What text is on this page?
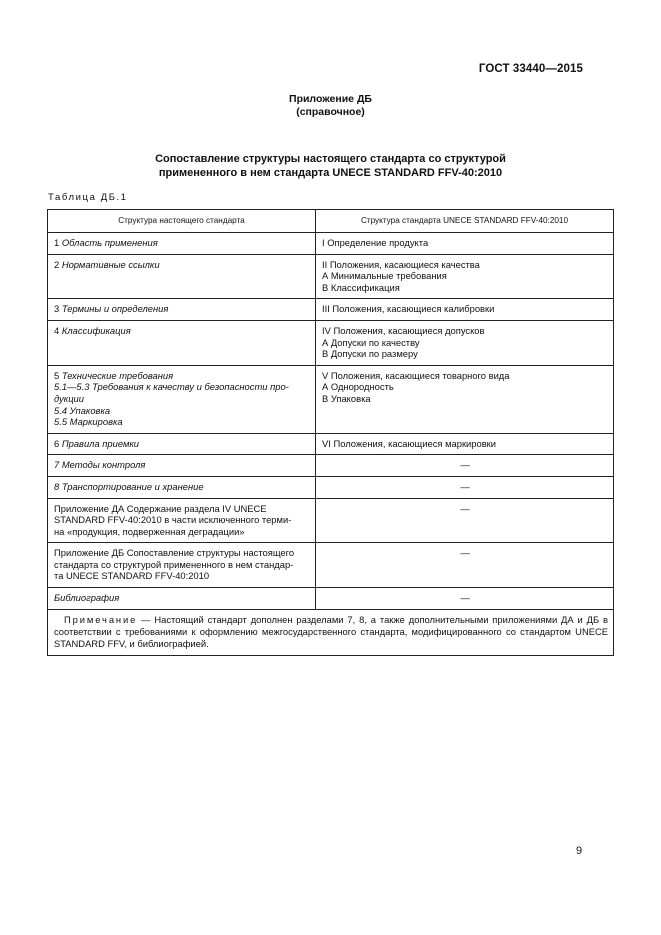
ГОСТ 33440—2015
Приложение ДБ
(справочное)
Сопоставление структуры настоящего стандарта со структурой
примененного в нем стандарта UNECE STANDARD FFV-40:2010
Таблица ДБ.1
Структура настоящего стандарта	Структура стандарта UNECE STANDARD FFV-40:2010
1 Область применения	I Определение продукта

2 Нормативные ссылки	II Положения, касающиеся качества
А Минимальные требования
В Классификация

3 Термины и определения	III Положения, касающиеся калибровки

4 Классификация	IV Положения, касающиеся допусков
А Допуски по качеству
В Допуски по размеру

5 Технические требования
5.1—5.3 Требования к качеству и безопасности про-
дукции
5.4 Упаковка
5.5 Маркировка	V Положения, касающиеся товарного вида
А Однородность
В Упаковка

6 Правила приемки	VI Положения, касающиеся маркировки

7 Методы контроля	—
8 Транспортирование и хранение	—

Приложение ДА Содержание раздела IV UNECE
STANDARD FFV-40:2010 в части исключенного терми-
на «продукция, подверженная деградации»	—

Приложение ДБ Сопоставление структуры настоящего
стандарта со структурой примененного в нем стандар-
та UNECE STANDARD FFV-40:2010	—
Библиография	—
Примечание — Настоящий стандарт дополнен разделами 7, 8, а также дополнительными приложениями ДА и ДБ в соответствии с требованиями к оформлению межгосударственного стандарта, модифицированного со стандартом UNECE STANDARD FFV, и библиографией.	
9
